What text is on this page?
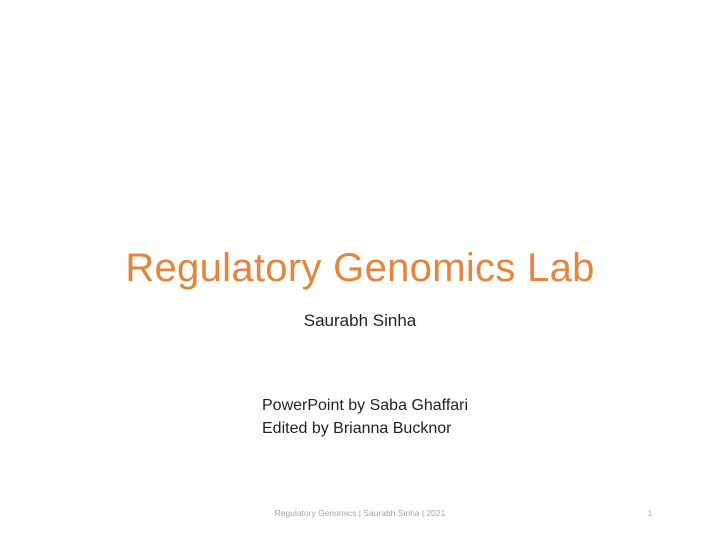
Regulatory Genomics Lab
Saurabh Sinha
PowerPoint by Saba Ghaffari
Edited by Brianna Bucknor
Regulatory Genomics | Saurabh Sinha | 2021	1
